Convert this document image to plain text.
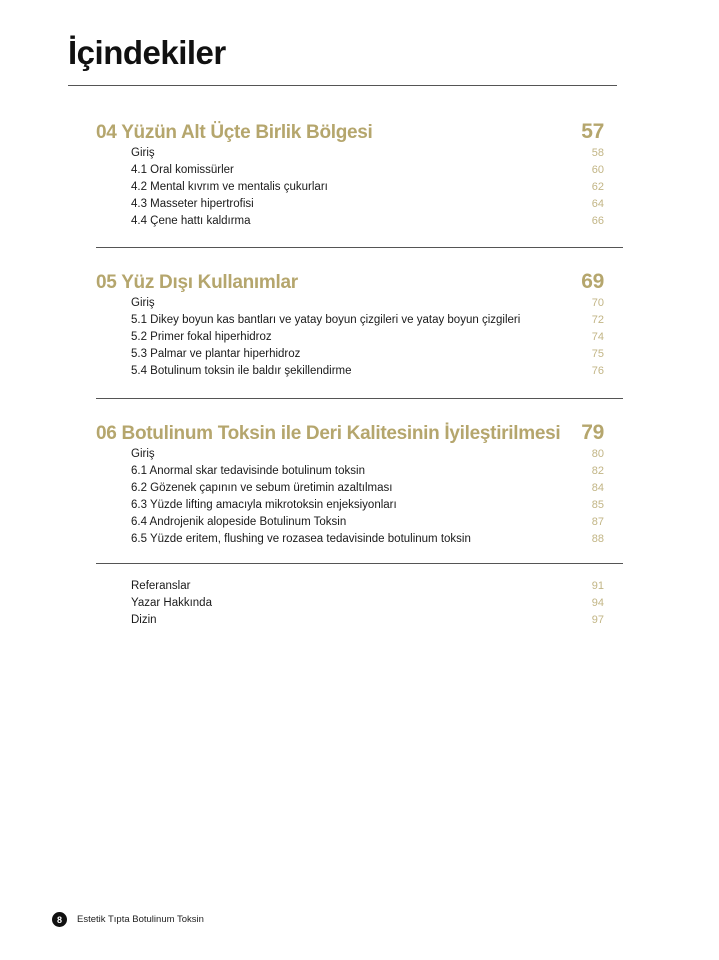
İçindekiler
04 Yüzün Alt Üçte Birlik Bölgesi	57
Giriş	58
4.1 Oral komissürler	60
4.2 Mental kıvrım ve mentalis çukurları	62
4.3 Masseter hipertrofisi	64
4.4 Çene hattı kaldırma	66
05 Yüz Dışı Kullanımlar	69
Giriş	70
5.1 Dikey boyun kas bantları ve yatay boyun çizgileri ve yatay boyun çizgileri	72
5.2 Primer fokal hiperhidroz	74
5.3 Palmar ve plantar hiperhidroz	75
5.4 Botulinum toksin ile baldır şekillendirme	76
06 Botulinum Toksin ile Deri Kalitesinin İyileştirilmesi 79
Giriş	80
6.1 Anormal skar tedavisinde botulinum toksin	82
6.2 Gözenek çapının ve sebum üretimin azaltılması	84
6.3 Yüzde lifting amacıyla mikrotoksin enjeksiyonları	85
6.4 Androjenik alopeside Botulinum Toksin	87
6.5 Yüzde eritem, flushing ve rozasea tedavisinde botulinum toksin	88
Referanslar	91
Yazar Hakkında	94
Dizin	97
8	Estetik Tıpta Botulinum Toksin
